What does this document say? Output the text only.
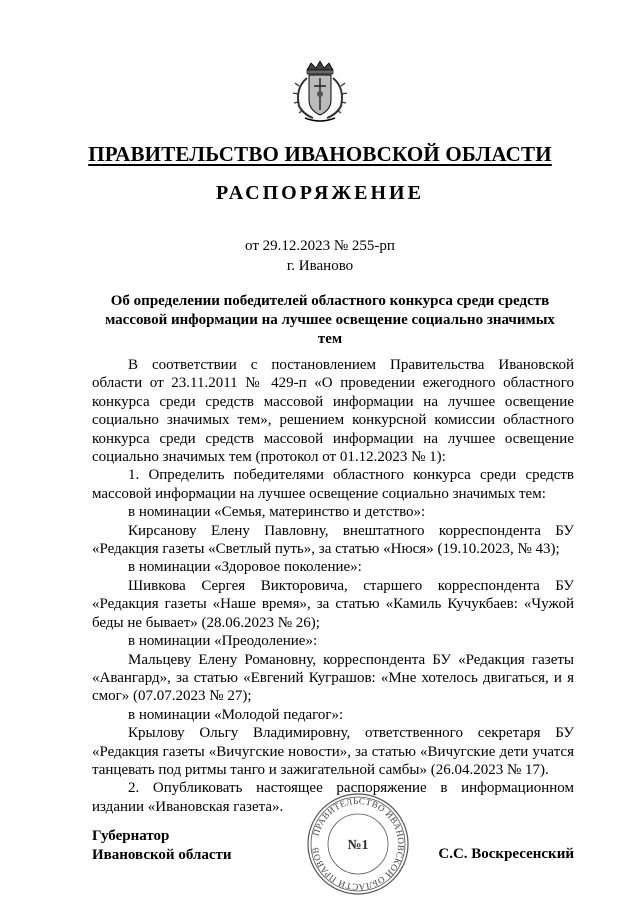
ПРАВИТЕЛЬСТВО ИВАНОВСКОЙ ОБЛАСТИ
РАСПОРЯЖЕНИЕ
от 29.12.2023 № 255-рп
г. Иваново
Об определении победителей областного конкурса среди средств массовой информации на лучшее освещение социально значимых тем

В соответствии с постановлением Правительства Ивановской области от 23.11.2011 № 429-п «О проведении ежегодного областного конкурса среди средств массовой информации на лучшее освещение социально значимых тем», решением конкурсной комиссии областного конкурса среди средств массовой информации на лучшее освещение социально значимых тем (протокол от 01.12.2023 № 1):

1. Определить победителями областного конкурса среди средств массовой информации на лучшее освещение социально значимых тем:

в номинации «Семья, материнство и детство»:

Кирсанову Елену Павловну, внештатного корреспондента БУ «Редакция газеты «Светлый путь», за статью «Нюся» (19.10.2023, № 43);

в номинации «Здоровое поколение»:

Шивкова Сергея Викторовича, старшего корреспондента БУ «Редакция газеты «Наше время», за статью «Камиль Кучукбаев: «Чужой беды не бывает» (28.06.2023 № 26);

в номинации «Преодоление»:

Мальцеву Елену Романовну, корреспондента БУ «Редакция газеты «Авангард», за статью «Евгений Куграшов: «Мне хотелось двигаться, и я смог» (07.07.2023 № 27);

в номинации «Молодой педагог»:

Крылову Ольгу Владимировну, ответственного секретаря БУ «Редакция газеты «Вичугские новости», за статью «Вичугские дети учатся танцевать под ритмы танго и зажигательной самбы» (26.04.2023 № 17).

2. Опубликовать настоящее распоряжение в информационном издании «Ивановская газета».

Губернатор
Ивановской области
ПРАВИТЕЛЬСТВО ИВАНОВСКОЙ ОБЛАСТИ ПРАВОВ	№1
С.С. Воскресенский
